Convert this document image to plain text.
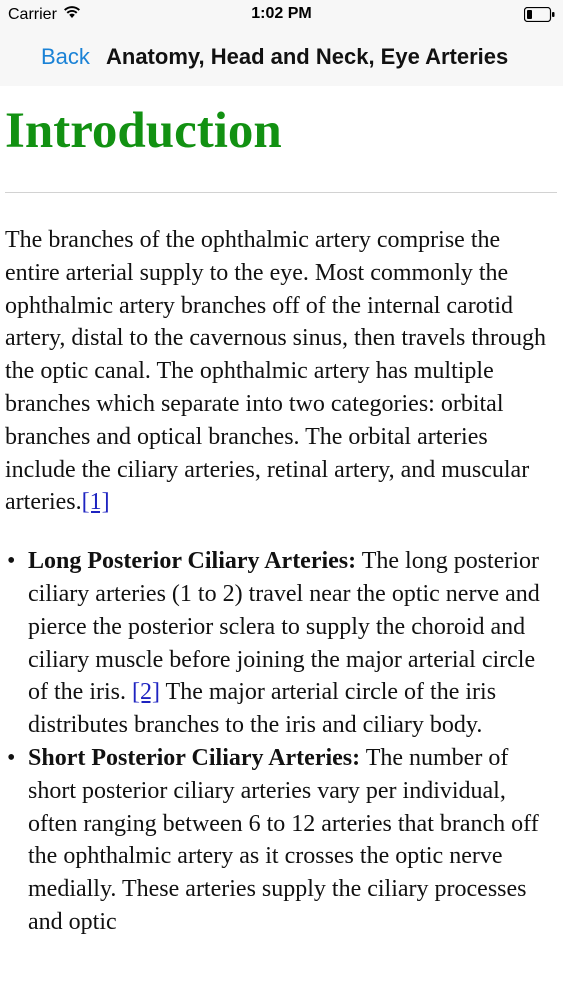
Carrier	1:02 PM
Back Anatomy, Head and Neck, Eye Arteries
Introduction

The branches of the ophthalmic artery comprise the entire arterial supply to the eye. Most commonly the ophthalmic artery branches off of the internal carotid artery, distal to the cavernous sinus, then travels through the optic canal. The ophthalmic artery has multiple branches which separate into two categories: orbital branches and optical branches. The orbital arteries include the ciliary arteries, retinal artery, and muscular arteries.[1]

• Long Posterior Ciliary Arteries: The long posterior ciliary arteries (1 to 2) travel near the optic nerve and pierce the posterior sclera to supply the choroid and ciliary muscle before joining the major arterial circle of the iris. [2] The major arterial circle of the iris distributes branches to the iris and ciliary body.
• Short Posterior Ciliary Arteries: The number of short posterior ciliary arteries vary per individual, often ranging between 6 to 12 arteries that branch off the ophthalmic artery as it crosses the optic nerve medially. These arteries supply the ciliary processes and optic
